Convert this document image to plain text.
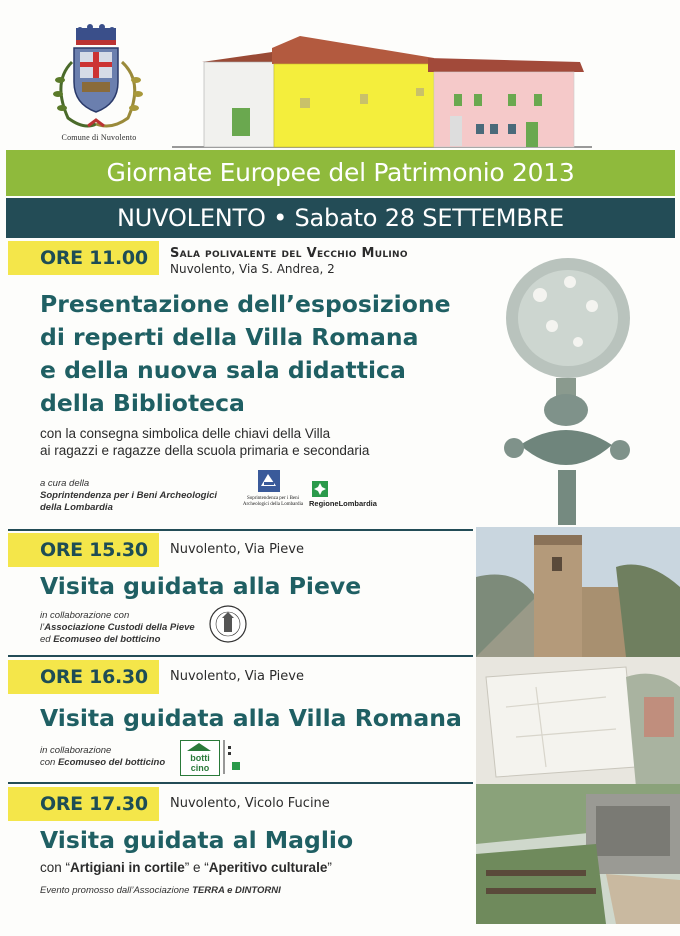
Comune di Nuvolento
Giornate Europee del Patrimonio 2013
NUVOLENTO • Sabato 28 SETTEMBRE
ORE 11.00	Sala polivalente del Vecchio Mulino
Nuvolento, Via S. Andrea, 2
Presentazione dell’esposizione
di reperti della Villa Romana
e della nuova sala didattica
della Biblioteca
con la consegna simbolica delle chiavi della Villa
ai ragazzi e ragazze della scuola primaria e secondaria
a cura della
Soprintendenza per i Beni Archeologici
della Lombardia
Soprintendenza per i Beni Archeologici della Lombardia RegioneLombardia
ORE 15.30	Nuvolento, Via Pieve
Visita guidata alla Pieve
in collaborazione con
l’Associazione Custodi della Pieve
ed Ecomuseo del botticino
ORE 16.30	Nuvolento, Via Pieve
Visita guidata alla Villa Romana
in collaborazione
con Ecomuseo del botticino	botti cino
ORE 17.30	Nuvolento, Vicolo Fucine
Visita guidata al Maglio
con “Artigiani in cortile” e “Aperitivo culturale”
Evento promosso dall’Associazione TERRA e DINTORNI
